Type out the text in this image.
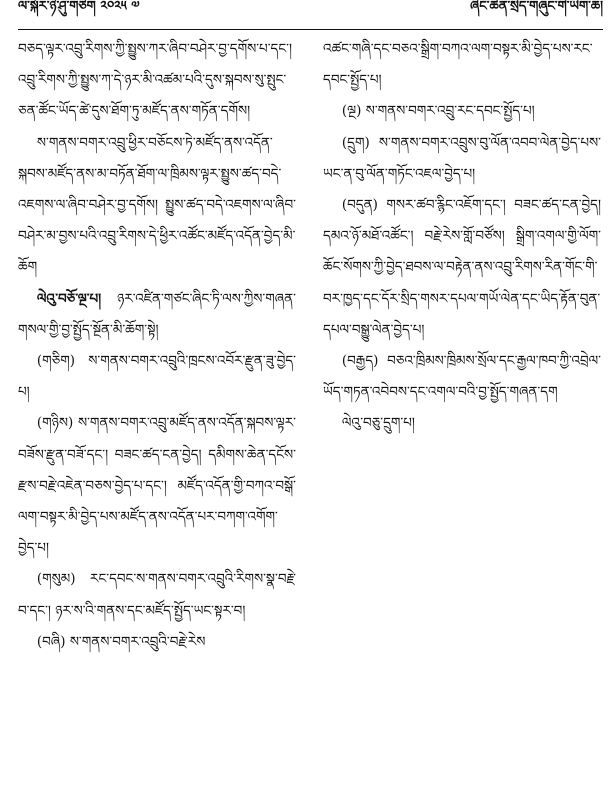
ལ་སྐོར་ཉི་ཤུ་གཅིག ༢༠༢༥ ༧	ཞིང་ཆེན་སྲིད་གཞུང་གི་ཡིག་ཆ།

བཅད་ལྟར་འབྲུ་རིགས་ཀྱི་སྤྱུས་ཀར་ཞིབ་བཤེར་བྱ་དགོས་པ་དང་། འབྲུ་རིགས་ཀྱི་སྤྱུས་ཀ་དེ་ཉར་མི་འཚམ་པའི་དུས་སྐབས་སུ་སྤུང་ཅན་ཚོང་ཡོད་ཚེ་དུས་ཐོག་ཏུ་མཛོད་ནས་གཏོན་དགོས།

ས་གནས་བགར་འབྲུ་ཕྱིར་བཅོངས་ཏེ་མཛོད་ནས་འདོན་སྐབས་མཛོད་ནས་མ་བཏོན་ཐོག་ལ་ཁྲིམས་ལྟར་སྤྱུས་ཚད་བདེ་འཇགས་ལ་ཞིབ་བཤེར་བྱ་དགོས། སྤྱུས་ཚད་བདེ་འཇགས་ལ་ཞིབ་བཤེར་མ་བྱས་པའི་འབྲུ་རིགས་དེ་ཕྱིར་འཚོང་མཛོད་འདོན་བྱེད་མི་ཆོག

ལེའུ་བཅོ་ལྔ་པ། ཉར་འཛིན་གཙང་ཞིང་ཏི་ལས་ཀྱིས་གཞན་གསལ་གྱི་བྱ་སྤྱོད་སྔོན་མི་ཆོག་སྟེ།

(གཅིག) ས་གནས་བགར་འབྲུའི་ཁྲངས་འབོར་རྫུན་ཟུ་བྱེད་པ།

(གཉིས) ས་གནས་བགར་འབྲུ་མཛོད་ནས་འདོན་སྐབས་ལྟར་བཟོས་རྫུན་བཟོ་དང་། བཟང་ཚད་ངན་བྱེད། དམིགས་ཆེན་དངོས་རྫས་བརྗེ་འཇེན་བཅས་བྱེད་པ་དང་། མཛོད་འདོན་གྱི་བཀའ་བསྒོ་ལག་བསྟར་མི་བྱེད་པས་མཛོད་ནས་འདོན་པར་བཀག་འགོག་བྱེད་པ།

(གསུམ) རང་དབང་ས་གནས་བགར་འབྲུའི་རིགས་སྣ་བརྗེ་བ་དང་། ཉར་ས་འི་གནས་དང་མཛོད་སྤྱོད་ཡང་སྟར་བ།

(བཞི) ས་གནས་བགར་འབྲུའི་བརྗེ་རེས

འཚང་གཞི་དང་བཅའ་སྒྲིག་བཀའ་ལག་བསྟར་མི་བྱེད་པས་རང་དབང་སྤྱོད་པ།

(ལྔ) ས་གནས་བགར་འབྲུ་རང་དབང་སྤྱོད་པ།

(དྲུག) ས་གནས་བགར་འབྲུས་བུ་ལོན་འབབ་ལེན་བྱེད་པས་ཡང་ན་བུ་ལོན་གཏོང་འཇལ་བྱེད་པ།

(བདུན) གསར་ཚབ་རྙིང་འཇོག་དང་། བཟང་ཚད་ངན་བྱེད། དམའ་ཉོ་མཐོ་འཚོང་། བརྗེ་རེས་གློ་བཙོས། སྒྲིག་འགལ་གྱི་ལོག་ཆོང་སོགས་ཀྱི་བྱེད་ཐབས་ལ་བརྟེན་ནས་འབྲུ་རིགས་རིན་གོང་གི་བར་ཁྱད་དང་དོར་སྲིད་གསར་དཔལ་གཡོ་ལེན་དང་ཡིད་རྟོན་བུན་དཔལ་བསྒྱུ་ལེན་བྱེད་པ།

(བརྒྱད) བཅའ་ཁྲིམས་ཁྲིམས་སྲོལ་དང་རྒྱལ་ཁབ་ཀྱི་འབྲེལ་ཡོད་གཏན་འབེབས་དང་འགལ་བའི་བྱ་སྤྱོད་གཞན་དག

ལེའུ་བཅུ་དྲུག་པ།
